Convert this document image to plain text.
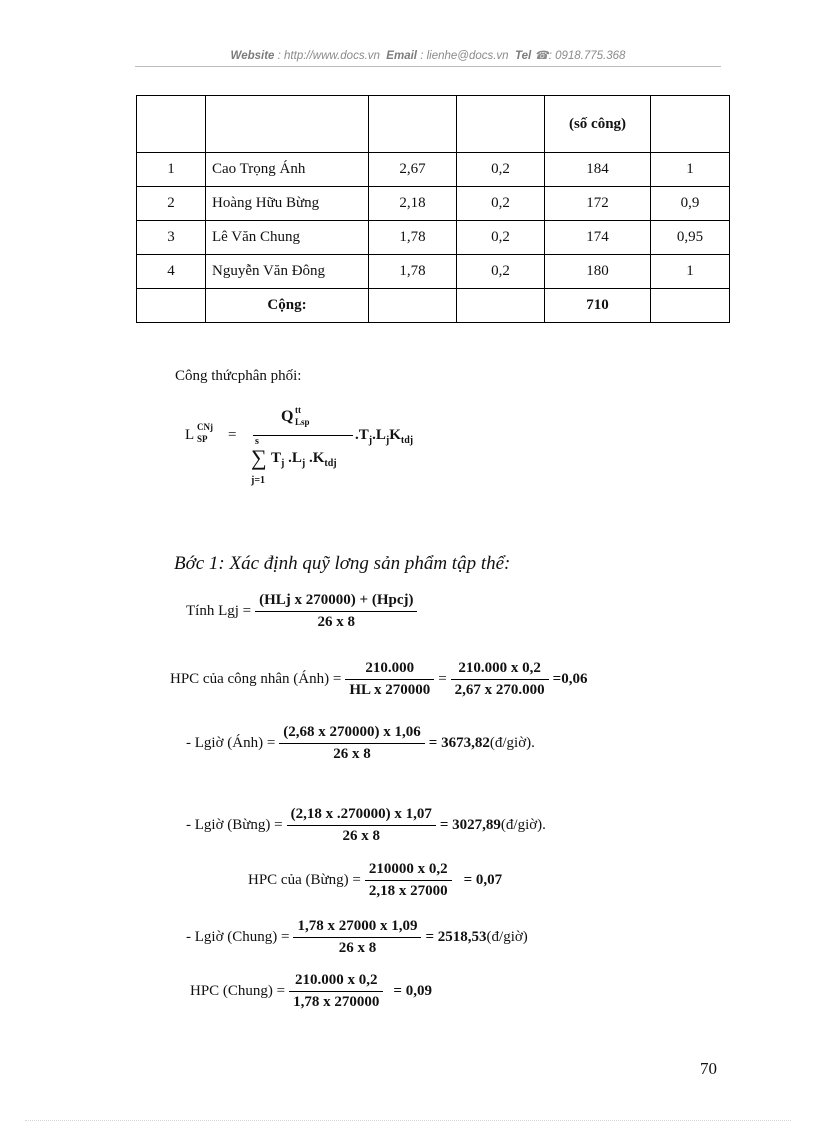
Website : http://www.docs.vn Email : lienhe@docs.vn Tel ☎: 0918.775.368
				(số công)	
1	Cao Trọng Ánh	2,67	0,2	184	1
2	Hoàng Hữu Bừng	2,18	0,2	172	0,9
3	Lê Văn Chung	1,78	0,2	174	0,95
4	Nguyễn Văn Đông	1,78	0,2	180	1
	Cộng:			710	
Công thứcphân phối:
L CNj
SP =
Q tt
Lsp
$.T_j.L_jK_{tdj}$
s
∑
j=1
$T_j$ $.L_j$ $.K_{tdj}$
Bớc 1: Xác định quỹ lơng sản phẩm tập thể:
Tính Lgj =
(HLj x 270000) + (Hpcj)
26 x 8
HPC của công nhân (Ánh) =
210.000
HL x 270000
=
210.000 x 0,2
2,67 x 270.000
=0,06
- Lgiờ (Ánh) =
(2,68 x 270000) x 1,06
26 x 8
= 3673,82 (đ/giờ).
- Lgiờ (Bừng) =
(2,18 x .270000) x 1,07
26 x 8
= 3027,89 (đ/giờ).
HPC của (Bừng) =
210000 x 0,2
2,18 x 27000
= 0,07
- Lgiờ (Chung) =
1,78 x 27000 x 1,09
26 x 8
= 2518,53 (đ/giờ)
HPC (Chung) =
210.000 x 0,2
1,78 x 270000
= 0,09
70
